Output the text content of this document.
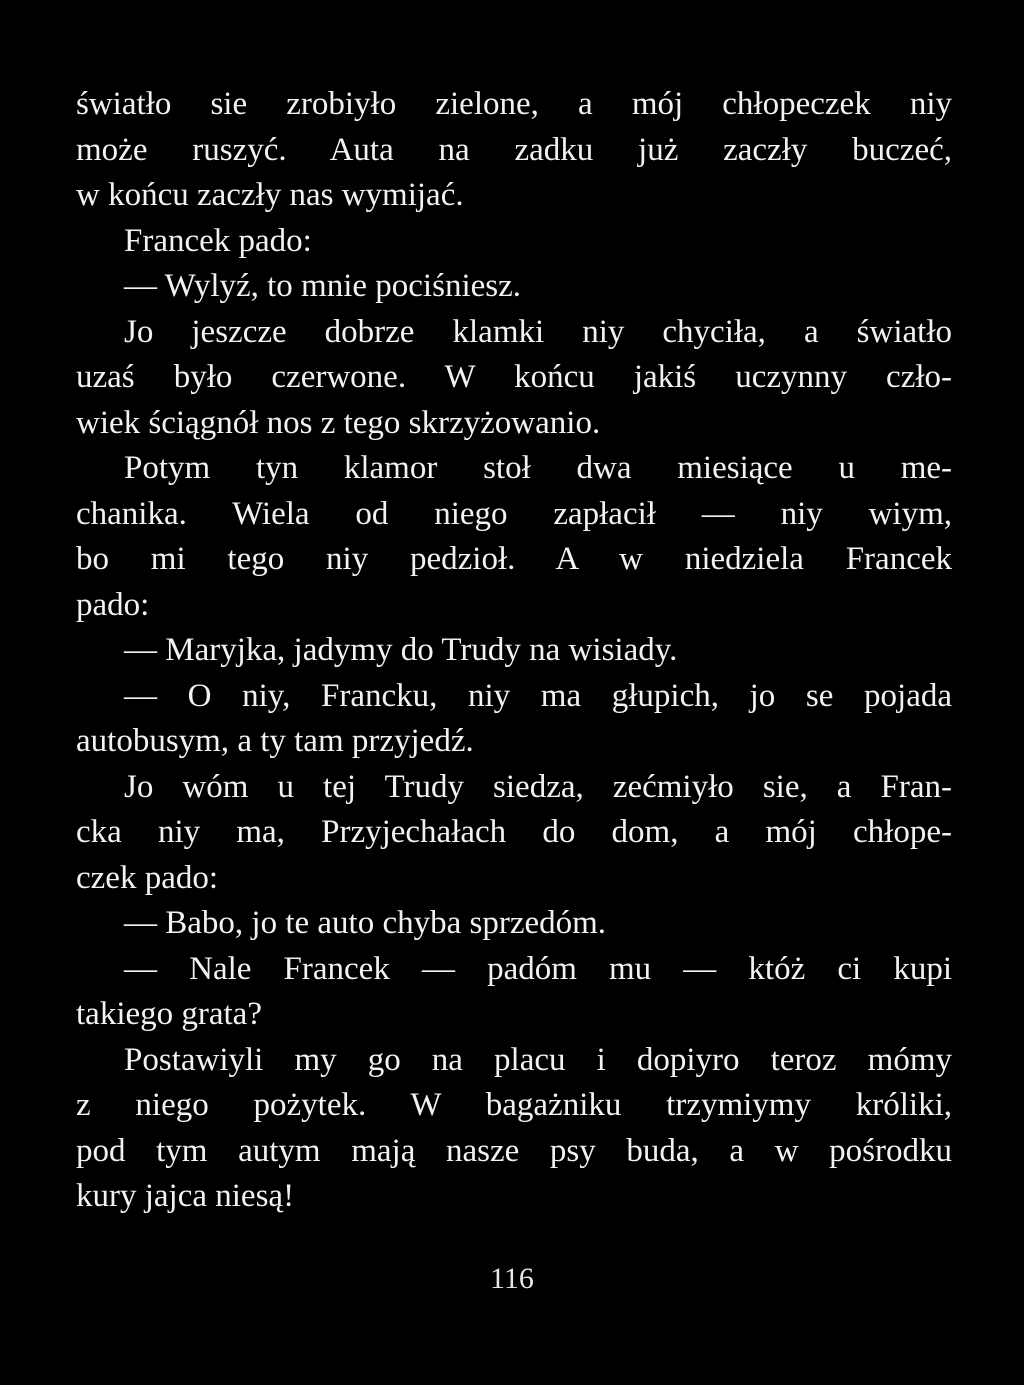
światło sie zrobiyło zielone, a mój chłopeczek niy
może ruszyć. Auta na zadku już zaczły buczeć,
w końcu zaczły nas wymijać.
Francek pado:
— Wylyź, to mnie pociśniesz.
Jo jeszcze dobrze klamki niy chyciła, a światło
uzaś było czerwone. W końcu jakiś uczynny czło-
wiek ściągnół nos z tego skrzyżowanio.
Potym tyn klamor stoł dwa miesiące u me-
chanika. Wiela od niego zapłacił — niy wiym,
bo mi tego niy pedzioł. A w niedziela Francek
pado:
— Maryjka, jadymy do Trudy na wisiady.
— O niy, Francku, niy ma głupich, jo se pojada
autobusym, a ty tam przyjedź.
Jo wóm u tej Trudy siedza, zećmiyło sie, a Fran-
cka niy ma, Przyjechałach do dom, a mój chłope-
czek pado:
— Babo, jo te auto chyba sprzedóm.
— Nale Francek — padóm mu — któż ci kupi
takiego grata?
Postawiyli my go na placu i dopiyro teroz mómy
z niego pożytek. W bagażniku trzymiymy króliki,
pod tym autym mają nasze psy buda, a w pośrodku
kury jajca niesą!
116
